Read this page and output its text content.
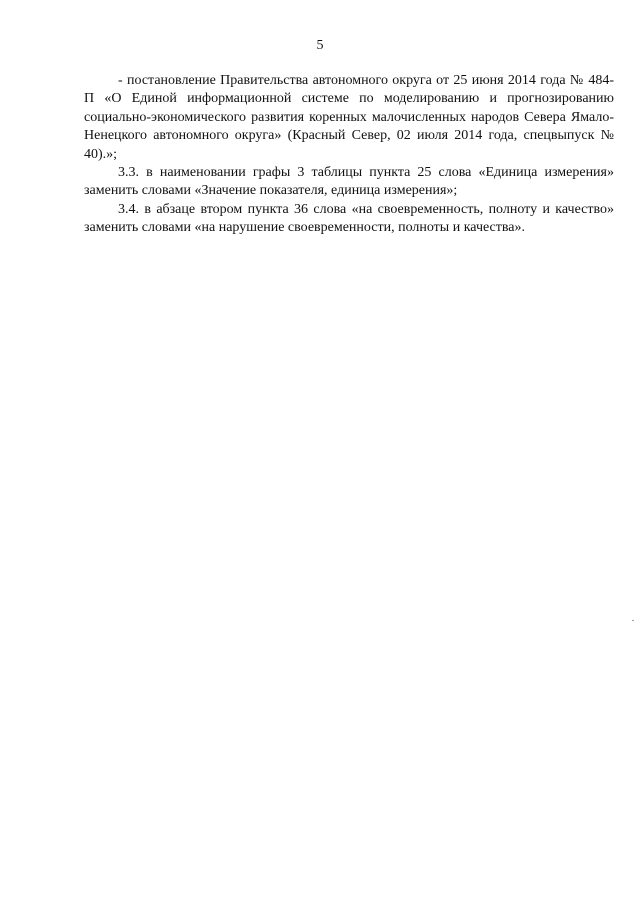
5

- постановление Правительства автономного округа от 25 июня 2014 года № 484-П «О Единой информационной системе по моделированию и прогнозированию социально-экономического развития коренных малочисленных народов Севера Ямало-Ненецкого автономного округа» (Красный Север, 02 июля 2014 года, спецвыпуск № 40).»;

3.3. в наименовании графы 3 таблицы пункта 25 слова «Единица измерения» заменить словами «Значение показателя, единица измерения»;

3.4. в абзаце втором пункта 36 слова «на своевременность, полноту и качество» заменить словами «на нарушение своевременности, полноты и качества».
